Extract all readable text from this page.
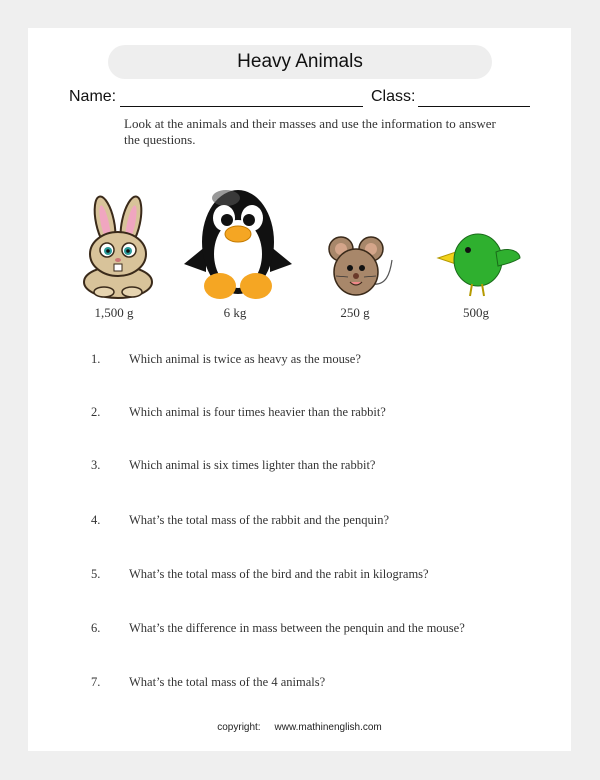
Heavy Animals
Name:	Class:
Look at the animals and their masses and use the information to answer the questions.
1,500 g	6 kg	250 g	500g
1. Which animal is twice as heavy as the mouse?
2. Which animal is four times heavier than the rabbit?
3. Which animal is six times lighter than the rabbit?
4. What’s the total mass of the rabbit and the penquin?
5. What’s the total mass of the bird and the rabit in kilograms?
6. What’s the difference in mass between the penquin and the mouse?
7. What’s the total mass of the 4 animals?
copyright: www.mathinenglish.com
